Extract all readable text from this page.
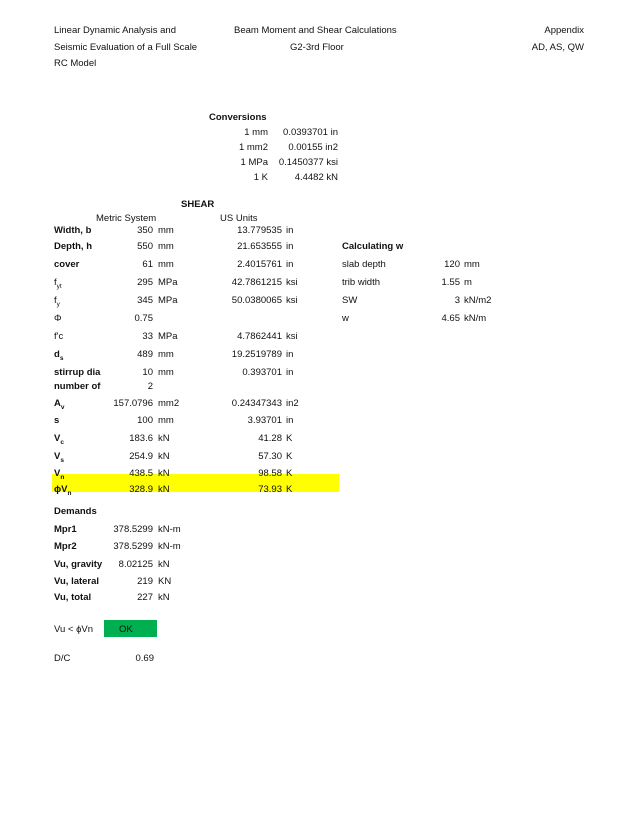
Linear Dynamic Analysis and
Seismic Evaluation of a Full Scale
RC Model
Beam Moment and Shear Calculations
G2-3rd Floor
Appendix
AD, AS, QW
Conversions
1 mm 0.0393701 in
1 mm2 0.00155 in2
1 MPa 0.1450377 ksi
1 K	4.4482 kN
SHEAR
Metric System	US Units
Width, b	350 mm	13.779535 in
Depth, h	550 mm	21.653555 in
cover	61 mm	2.4015761 in
$f_{yt}$	295 MPa	42.7861215 ksi
$f_y$	345 MPa	50.0380065 ksi
Φ	0.75
f'c	33 MPa	4.7862441 ksi
$d_s$	489 mm	19.2519789 in
stirrup dia	10 mm	0.393701 in
number of	2
$A_v$	157.0796 mm2	0.24347343 in2
s	100 mm	3.93701 in
$V_c$	183.6 kN	41.28 K
$V_s$	254.9 kN	57.30 K
$V_n$	438.5 kN	98.58 K
$\phi V_n$	328.9 kN	73.93 K
Calculating w
slab depth	120 mm
trib width	1.55 m
SW	3 kN/m2
w	4.65 kN/m
Demands
Mpr1	378.5299 kN-m
Mpr2	378.5299 kN-m
Vu, gravity 8.02125 kN
Vu, lateral	219 KN
Vu, total	227 kN
Vu < ϕVn	OK
D/C	0.69
